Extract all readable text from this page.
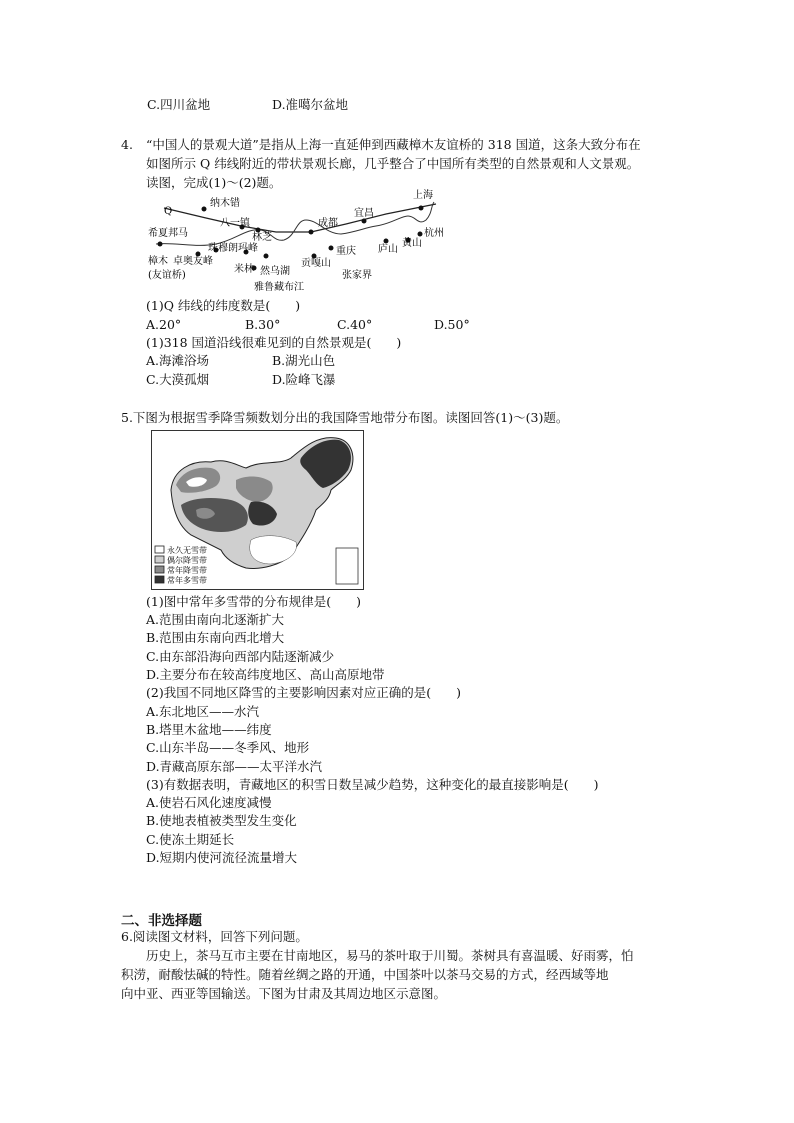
C.四川盆地	D.准噶尔盆地
4. “中国人的景观大道”是指从上海一直延伸到西藏樟木友谊桥的 318 国道，这条大致分布在
如图所示 Q 纬线附近的带状景观长廊，几乎整合了中国所有类型的自然景观和人文景观。
读图，完成(1)～(2)题。
Q
纳木错
八一镇
林芝
成都
宜昌
上海
希夏邦马
珠穆朗玛峰
樟木
(友谊桥)
卓奥友峰
米林 然乌湖
雅鲁藏布江
贡嘎山
重庆
张家界
庐山
黄山
杭州
(1)Q 纬线的纬度数是(　　)
A.20°	B.30°	C.40°	D.50°
(1)318 国道沿线很难见到的自然景观是(　　)
A.海滩浴场	B.湖光山色
C.大漠孤烟	D.险峰飞瀑
5.下图为根据雪季降雪频数划分出的我国降雪地带分布图。读图回答(1)～(3)题。
永久无雪带
偶尔降雪带
常年降雪带
常年多雪带
(1)图中常年多雪带的分布规律是(　　)
A.范围由南向北逐渐扩大
B.范围由东南向西北增大
C.由东部沿海向西部内陆逐渐减少
D.主要分布在较高纬度地区、高山高原地带
(2)我国不同地区降雪的主要影响因素对应正确的是(　　)
A.东北地区——水汽
B.塔里木盆地——纬度
C.山东半岛——冬季风、地形
D.青藏高原东部——太平洋水汽
(3)有数据表明，青藏地区的积雪日数呈减少趋势，这种变化的最直接影响是(　　)
A.使岩石风化速度减慢
B.使地表植被类型发生变化
C.使冻土期延长
D.短期内使河流径流量增大
二、非选择题
6.阅读图文材料，回答下列问题。
历史上，茶马互市主要在甘南地区，易马的茶叶取于川蜀。茶树具有喜温暖、好雨雾，怕
积涝，耐酸怯碱的特性。随着丝绸之路的开通，中国茶叶以茶马交易的方式，经西域等地
向中亚、西亚等国输送。下图为甘肃及其周边地区示意图。
